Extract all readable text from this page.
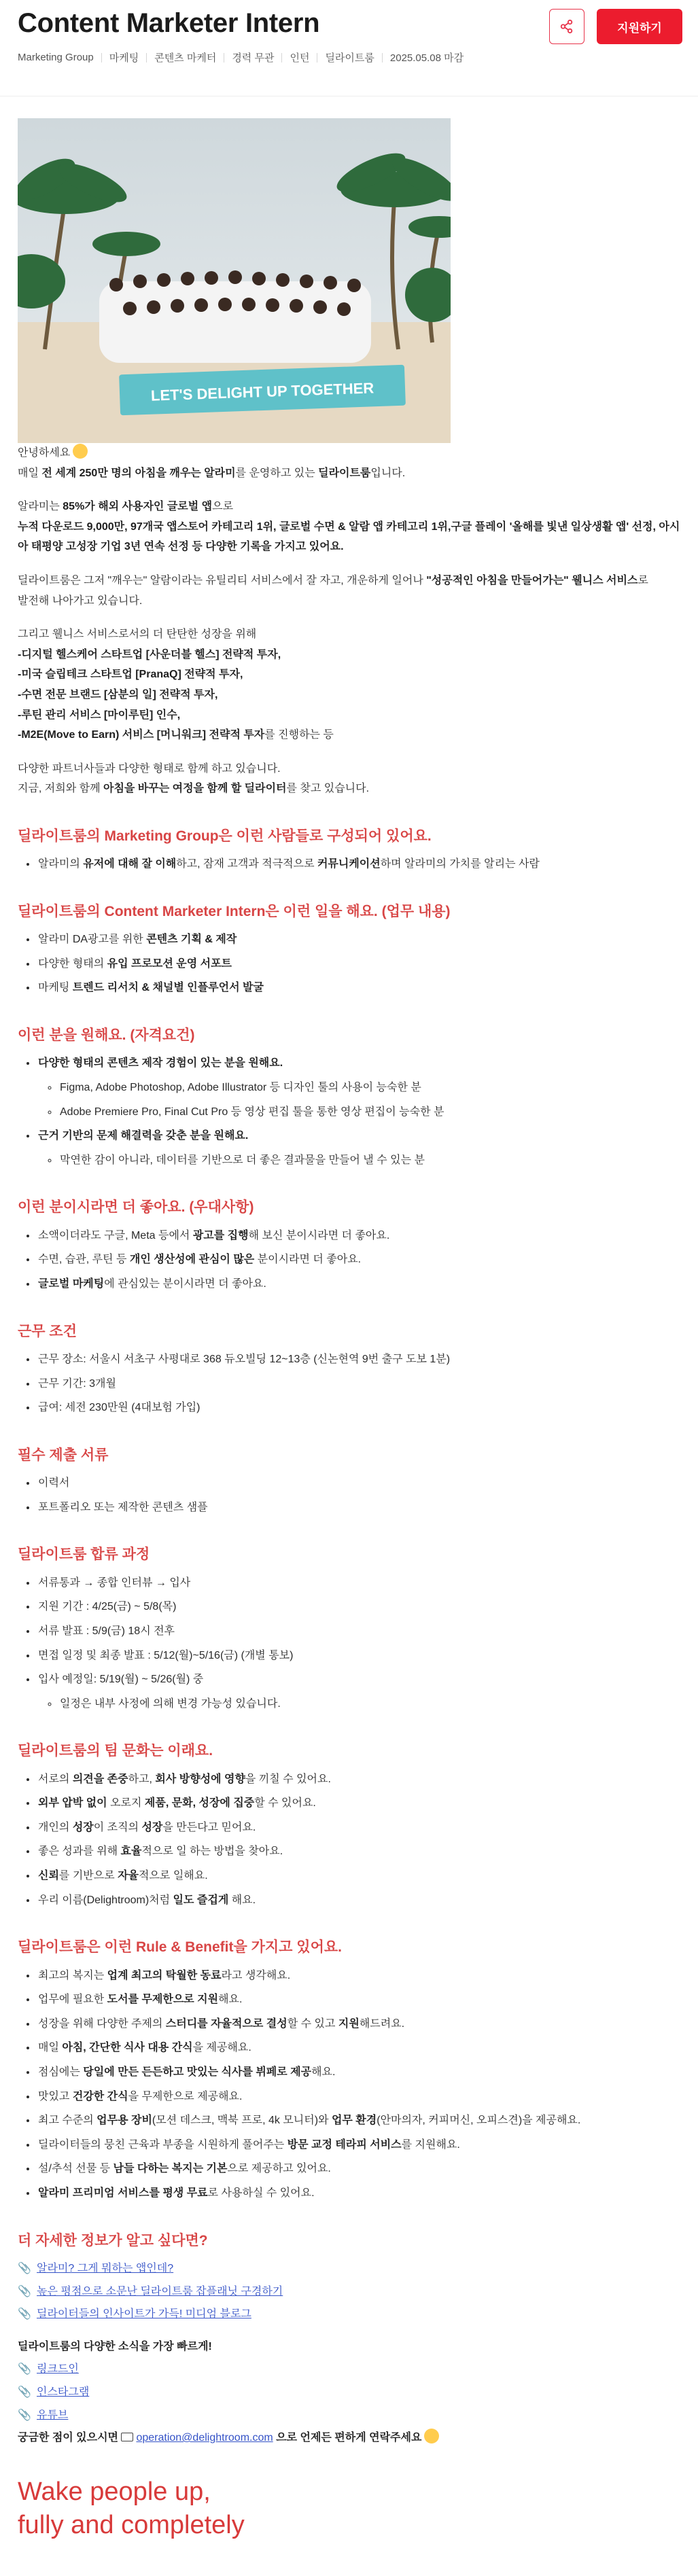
Content Marketer Intern
Marketing Group 마케팅 콘텐츠 마케터 경력 무관 인턴 딜라이트룸 2025.05.08 마감
지원하기
LET'S DELIGHT UP TOGETHER
안녕하세요
매일 전 세계 250만 명의 아침을 깨우는 알라미를 운영하고 있는 딜라이트룸입니다.
알라미는 85%가 해외 사용자인 글로벌 앱으로
누적 다운로드 9,000만, 97개국 앱스토어 카테고리 1위, 글로벌 수면 & 알람 앱 카테고리 1위,구글 플레이 '올해를 빛낸 일상생활 앱' 선정, 아시아 태평양 고성장 기업 3년 연속 선정 등 다양한 기록을 가지고 있어요.
딜라이트룸은 그저 "깨우는" 알람이라는 유틸리티 서비스에서 잘 자고, 개운하게 일어나 "성공적인 아침을 만들어가는" 웰니스 서비스로
발전해 나아가고 있습니다.
그리고 웰니스 서비스로서의 더 탄탄한 성장을 위해
-디지털 헬스케어 스타트업 [사운더블 헬스] 전략적 투자,
-미국 슬립테크 스타트업 [PranaQ] 전략적 투자,
-수면 전문 브랜드 [삼분의 일] 전략적 투자,
-루틴 관리 서비스 [마이루틴] 인수,
-M2E(Move to Earn) 서비스 [머니워크] 전략적 투자를 진행하는 등
다양한 파트너사들과 다양한 형태로 함께 하고 있습니다.
지금, 저희와 함께 아침을 바꾸는 여정을 함께 할 딜라이터를 찾고 있습니다.
딜라이트룸의 Marketing Group은 이런 사람들로 구성되어 있어요.
• 알라미의 유저에 대해 잘 이해하고, 잠재 고객과 적극적으로 커뮤니케이션하며 알라미의 가치를 알리는 사람
딜라이트룸의 Content Marketer Intern은 이런 일을 해요. (업무 내용)
• 알라미 DA광고를 위한 콘텐츠 기획 & 제작
• 다양한 형태의 유입 프로모션 운영 서포트
• 마케팅 트렌드 리서치 & 채널별 인플루언서 발굴
이런 분을 원해요. (자격요건)
• 다양한 형태의 콘텐츠 제작 경험이 있는 분을 원해요.
◦ Figma, Adobe Photoshop, Adobe Illustrator 등 디자인 툴의 사용이 능숙한 분
◦ Adobe Premiere Pro, Final Cut Pro 등 영상 편집 툴을 통한 영상 편집이 능숙한 분
• 근거 기반의 문제 해결력을 갖춘 분을 원해요.
◦ 막연한 감이 아니라, 데이터를 기반으로 더 좋은 결과물을 만들어 낼 수 있는 분
이런 분이시라면 더 좋아요. (우대사항)
• 소액이더라도 구글, Meta 등에서 광고를 집행해 보신 분이시라면 더 좋아요.
• 수면, 습관, 루틴 등 개인 생산성에 관심이 많은 분이시라면 더 좋아요.
• 글로벌 마케팅에 관심있는 분이시라면 더 좋아요.
근무 조건
• 근무 장소: 서울시 서초구 사평대로 368 듀오빌딩 12~13층 (신논현역 9번 출구 도보 1분)
• 근무 기간: 3개월
• 급여: 세전 230만원 (4대보험 가입)
필수 제출 서류
• 이력서
• 포트폴리오 또는 제작한 콘텐츠 샘플
딜라이트룸 합류 과정
• 서류통과 → 종합 인터뷰 → 입사
• 지원 기간 : 4/25(금) ~ 5/8(목)
• 서류 발표 : 5/9(금) 18시 전후
• 면접 일정 및 최종 발표 : 5/12(월)~5/16(금) (개별 통보)
• 입사 예정일: 5/19(월) ~ 5/26(월) 중
◦ 일정은 내부 사정에 의해 변경 가능성 있습니다.
딜라이트룸의 팀 문화는 이래요.
• 서로의 의견을 존중하고, 회사 방향성에 영향을 끼칠 수 있어요.
• 외부 압박 없이 오로지 제품, 문화, 성장에 집중할 수 있어요.
• 개인의 성장이 조직의 성장을 만든다고 믿어요.
• 좋은 성과를 위해 효율적으로 일 하는 방법을 찾아요.
• 신뢰를 기반으로 자율적으로 일해요.
• 우리 이름(Delightroom)처럼 일도 즐겁게 해요.
딜라이트룸은 이런 Rule & Benefit을 가지고 있어요.
• 최고의 복지는 업계 최고의 탁월한 동료라고 생각해요.
• 업무에 필요한 도서를 무제한으로 지원해요.
• 성장을 위해 다양한 주제의 스터디를 자율적으로 결성할 수 있고 지원해드려요.
• 매일 아침, 간단한 식사 대용 간식을 제공해요.
• 점심에는 당일에 만든 든든하고 맛있는 식사를 뷔페로 제공해요.
• 맛있고 건강한 간식을 무제한으로 제공해요.
• 최고 수준의 업무용 장비(모션 데스크, 맥북 프로, 4k 모니터)와 업무 환경(안마의자, 커피머신, 오피스견)을 제공해요.
• 딜라이터들의 뭉친 근육과 부종을 시원하게 풀어주는 방문 교정 테라피 서비스를 지원해요.
• 설/추석 선물 등 남들 다하는 복지는 기본으로 제공하고 있어요.
• 알라미 프리미엄 서비스를 평생 무료로 사용하실 수 있어요.
더 자세한 정보가 알고 싶다면?
📎 알라미? 그게 뭐하는 앱인데?
📎 높은 평점으로 소문난 딜라이트룸 잡플래닛 구경하기
📎 딜라이터들의 인사이트가 가득! 미디엄 블로그
딜라이트룸의 다양한 소식을 가장 빠르게!
📎 링크드인
📎 인스타그램
📎 유튜브
궁금한 점이 있으시면 operation@delightroom.com 으로 언제든 편하게 연락주세요
Wake people up,
fully and completely
